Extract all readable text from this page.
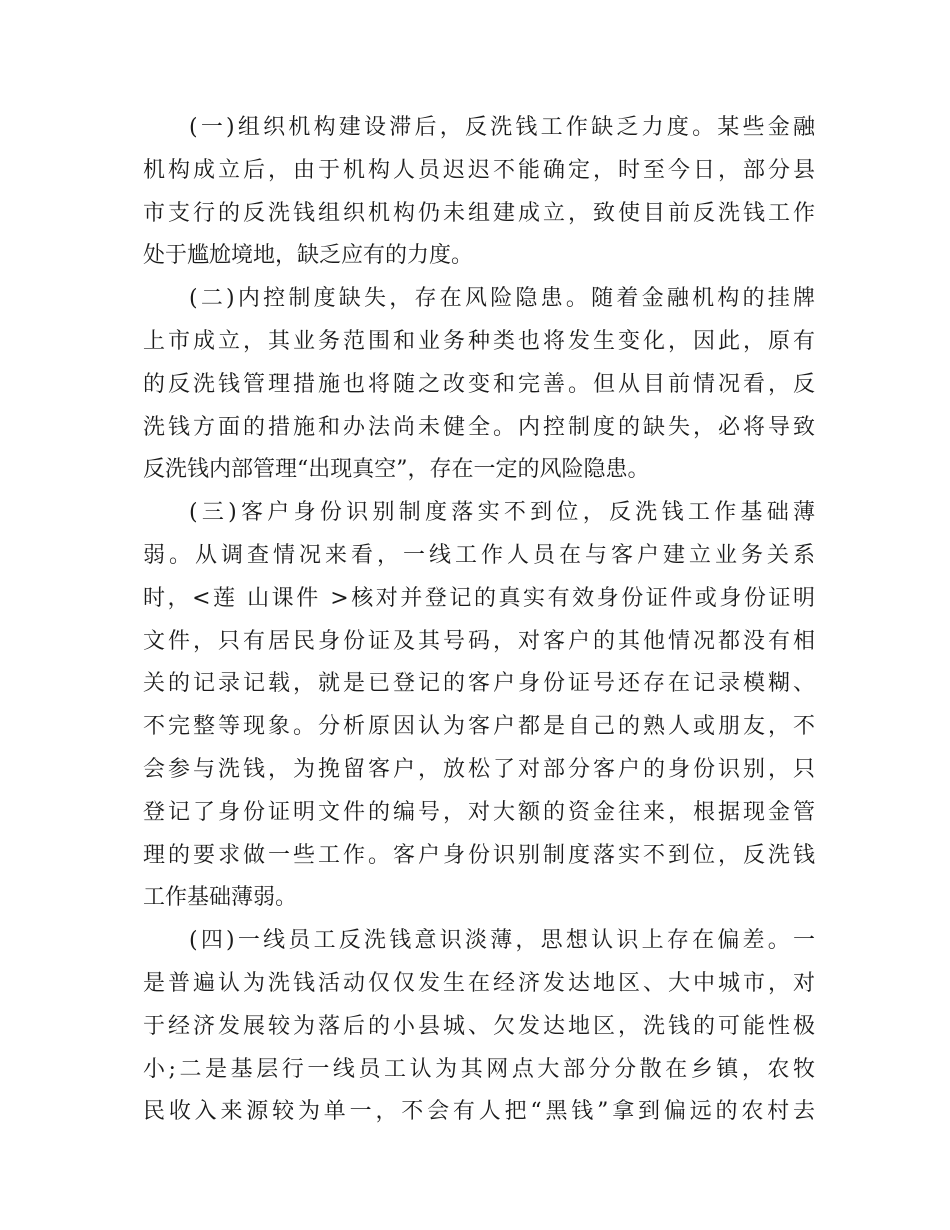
(一)组织机构建设滞后，反洗钱工作缺乏力度。某些金融
机构成立后，由于机构人员迟迟不能确定，时至今日，部分县
市支行的反洗钱组织机构仍未组建成立，致使目前反洗钱工作
处于尴尬境地，缺乏应有的力度。
(二)内控制度缺失，存在风险隐患。随着金融机构的挂牌
上市成立，其业务范围和业务种类也将发生变化，因此，原有
的反洗钱管理措施也将随之改变和完善。但从目前情况看，反
洗钱方面的措施和办法尚未健全。内控制度的缺失，必将导致
反洗钱内部管理“出现真空”，存在一定的风险隐患。
(三)客户身份识别制度落实不到位，反洗钱工作基础薄
弱。从调查情况来看，一线工作人员在与客户建立业务关系
时，<莲 山课件 >核对并登记的真实有效身份证件或身份证明
文件，只有居民身份证及其号码，对客户的其他情况都没有相
关的记录记载，就是已登记的客户身份证号还存在记录模糊、
不完整等现象。分析原因认为客户都是自己的熟人或朋友，不
会参与洗钱，为挽留客户，放松了对部分客户的身份识别，只
登记了身份证明文件的编号，对大额的资金往来，根据现金管
理的要求做一些工作。客户身份识别制度落实不到位，反洗钱
工作基础薄弱。
(四)一线员工反洗钱意识淡薄，思想认识上存在偏差。一
是普遍认为洗钱活动仅仅发生在经济发达地区、大中城市，对
于经济发展较为落后的小县城、欠发达地区，洗钱的可能性极
小;二是基层行一线员工认为其网点大部分分散在乡镇，农牧
民收入来源较为单一，不会有人把“黑钱”拿到偏远的农村去
